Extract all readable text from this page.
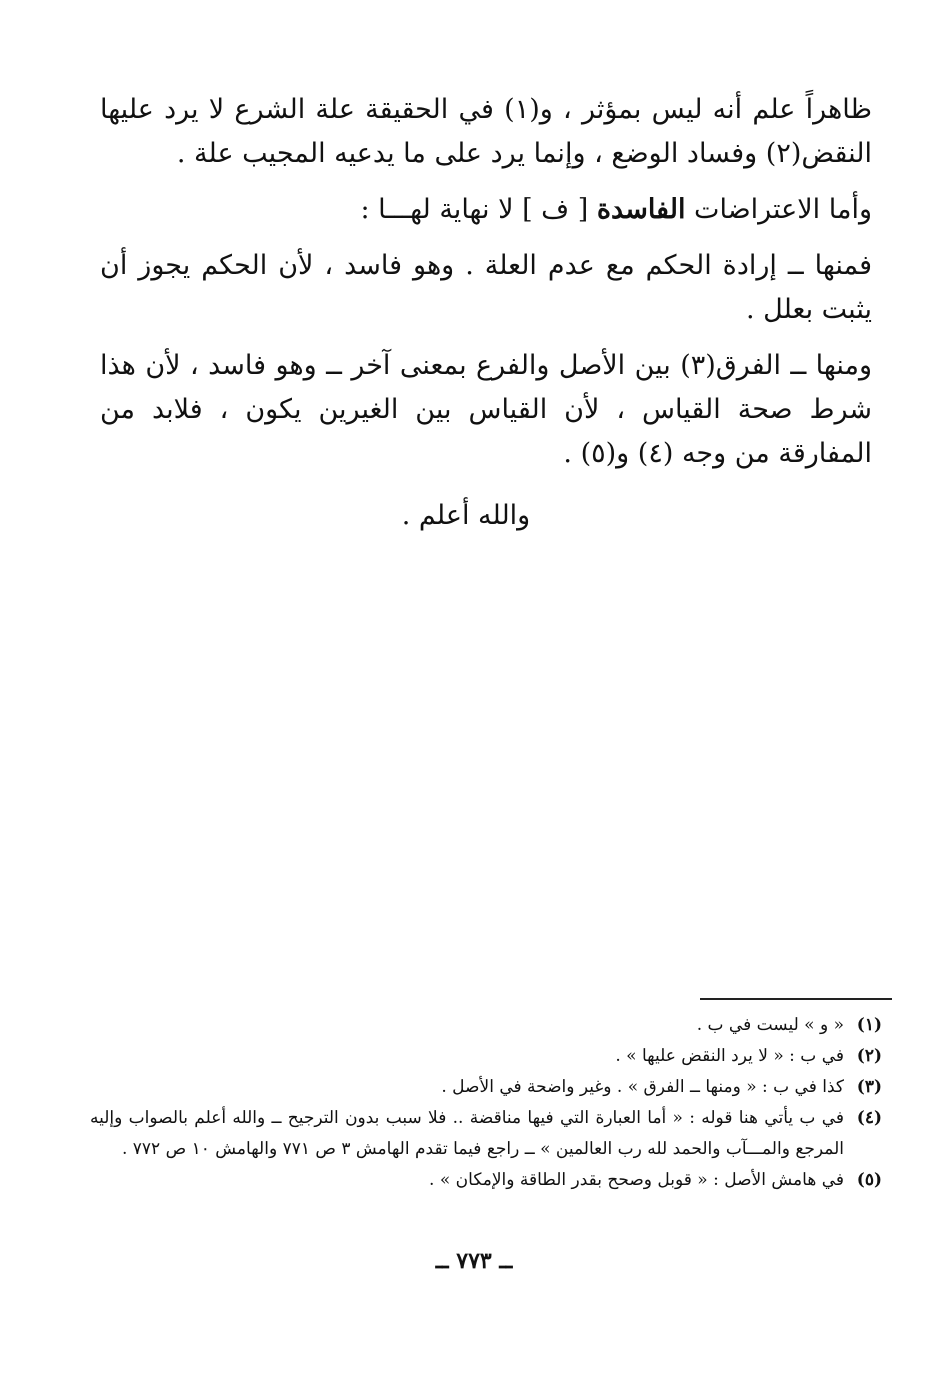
ظاهراً علم أنه ليس بمؤثر ، و(١) في الحقيقة علة الشرع لا يرد عليها النقض(٢) وفساد الوضع ، وإنما يرد على ما يدعيه المجيب علة .

وأما الاعتراضات الفاسدة [ ف ] لا نهاية لهـــا :

فمنها ــ إرادة الحكم مع عدم العلة . وهو فاسد ، لأن الحكم يجوز أن يثبت بعلل .

ومنها ــ الفرق(٣) بين الأصل والفرع بمعنى آخر ــ وهو فاسد ، لأن هذا شرط صحة القياس ، لأن القياس بين الغيرين يكون ، فلابد من المفارقة من وجه (٤) و(٥) .

والله أعلم .

(١)
« و » ليست في ب .
(٢)
في ب : « لا يرد النقض عليها » .
(٣)
كذا في ب : « ومنها ــ الفرق » . وغير واضحة في الأصل .
(٤)
في ب يأتي هنا قوله : « أما العبارة التي فيها مناقضة .. فلا سبب بدون الترجيح ــ والله أعلم بالصواب وإليه المرجع والمـــآب والحمد لله رب العالمين » ــ راجع فيما تقدم الهامش ٣ ص ٧٧١ والهامش ١٠ ص ٧٧٢ .
(٥)
في هامش الأصل : « قوبل وصحح بقدر الطاقة والإمكان » .
ــ ٧٧٣ ــ
